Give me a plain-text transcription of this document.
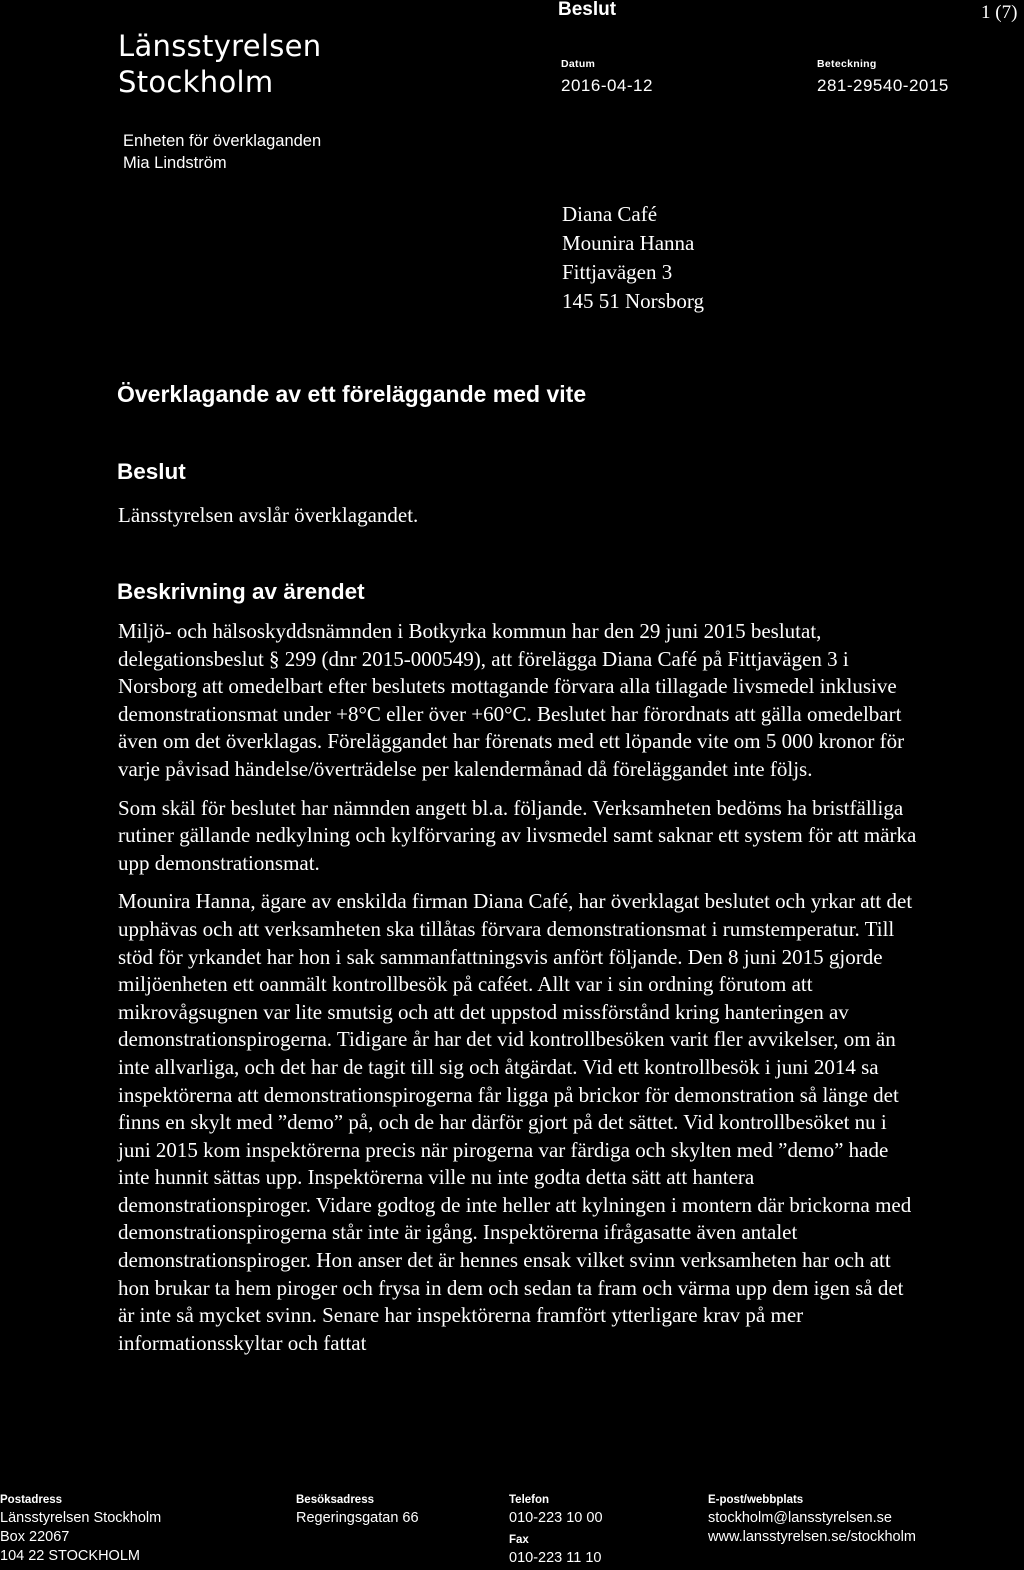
Länsstyrelsen
Stockholm
Beslut	1 (7)
Datum
2016-04-12
Beteckning
281-29540-2015
Enheten för överklaganden
Mia Lindström
Diana Café
Mounira Hanna
Fittjavägen 3
145 51 Norsborg
Överklagande av ett föreläggande med vite
Beslut
Länsstyrelsen avslår överklagandet.
Beskrivning av ärendet

Miljö- och hälsoskyddsnämnden i Botkyrka kommun har den 29 juni 2015 beslutat, delegationsbeslut § 299 (dnr 2015-000549), att förelägga Diana Café på Fittjavägen 3 i Norsborg att omedelbart efter beslutets mottagande förvara alla tillagade livsmedel inklusive demonstrationsmat under +8°C eller över +60°C. Beslutet har förordnats att gälla omedelbart även om det överklagas. Föreläggandet har förenats med ett löpande vite om 5 000 kronor för varje påvisad händelse/överträdelse per kalendermånad då föreläggandet inte följs.

Som skäl för beslutet har nämnden angett bl.a. följande. Verksamheten bedöms ha bristfälliga rutiner gällande nedkylning och kylförvaring av livsmedel samt saknar ett system för att märka upp demonstrationsmat.

Mounira Hanna, ägare av enskilda firman Diana Café, har överklagat beslutet och yrkar att det upphävas och att verksamheten ska tillåtas förvara demonstrationsmat i rumstemperatur. Till stöd för yrkandet har hon i sak sammanfattningsvis anfört följande. Den 8 juni 2015 gjorde miljöenheten ett oanmält kontrollbesök på caféet. Allt var i sin ordning förutom att mikrovågsugnen var lite smutsig och att det uppstod missförstånd kring hanteringen av demonstrationspirogerna. Tidigare år har det vid kontrollbesöken varit fler avvikelser, om än inte allvarliga, och det har de tagit till sig och åtgärdat. Vid ett kontrollbesök i juni 2014 sa inspektörerna att demonstrationspirogerna får ligga på brickor för demonstration så länge det finns en skylt med ”demo” på, och de har därför gjort på det sättet. Vid kontrollbesöket nu i juni 2015 kom inspektörerna precis när pirogerna var färdiga och skylten med ”demo” hade inte hunnit sättas upp. Inspektörerna ville nu inte godta detta sätt att hantera demonstrationspiroger. Vidare godtog de inte heller att kylningen i montern där brickorna med demonstrationspirogerna står inte är igång. Inspektörerna ifrågasatte även antalet demonstrationspiroger. Hon anser det är hennes ensak vilket svinn verksamheten har och att hon brukar ta hem piroger och frysa in dem och sedan ta fram och värma upp dem igen så det är inte så mycket svinn. Senare har inspektörerna framfört ytterligare krav på mer informationsskyltar och fattat

Postadress
Länsstyrelsen Stockholm
Box 22067
104 22 STOCKHOLM
Besöksadress
Regeringsgatan 66
Telefon
010-223 10 00
Fax
010-223 11 10
E-post/webbplats
stockholm@lansstyrelsen.se
www.lansstyrelsen.se/stockholm
